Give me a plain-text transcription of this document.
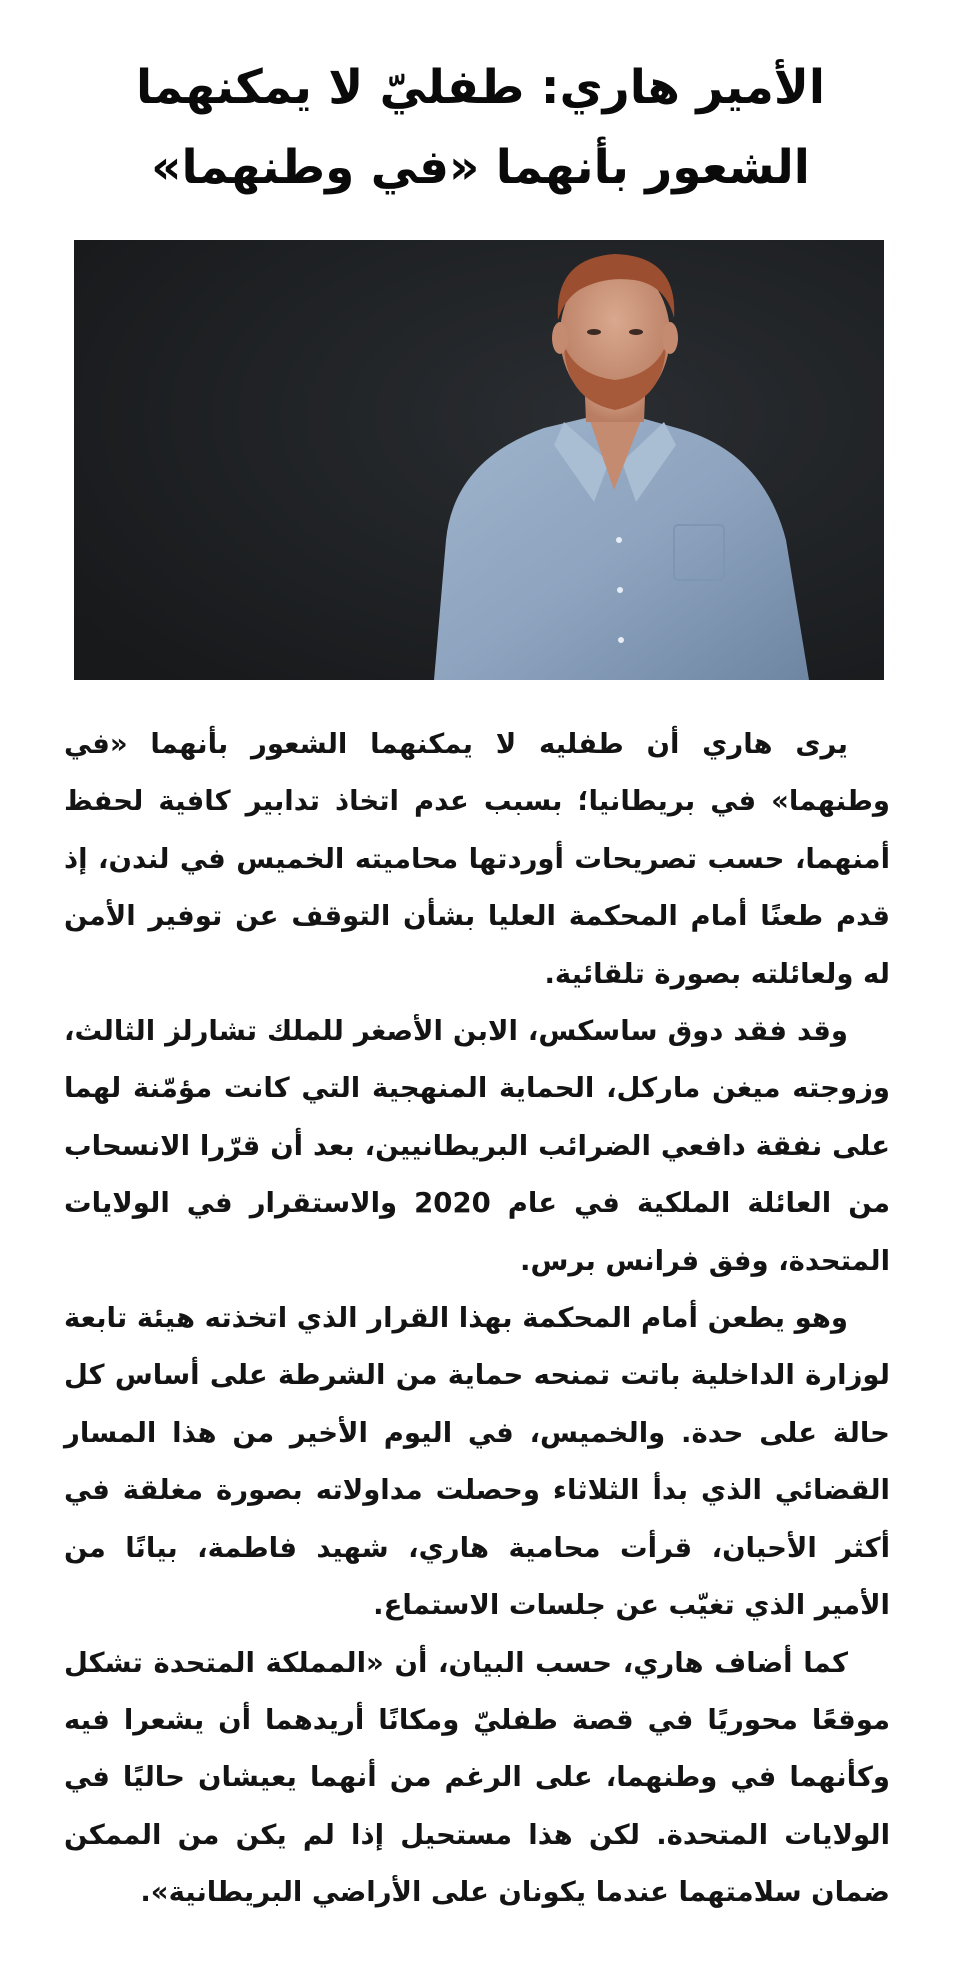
الأمير هاري: طفليّ لا يمكنهما
الشعور بأنهما «في وطنهما»

يرى هاري أن طفليه لا يمكنهما الشعور بأنهما «في وطنهما» في بريطانيا؛ بسبب عدم اتخاذ تدابير كافية لحفظ أمنهما، حسب تصريحات أوردتها محاميته الخميس في لندن، إذ قدم طعنًا أمام المحكمة العليا بشأن التوقف عن توفير الأمن له ولعائلته بصورة تلقائية.

وقد فقد دوق ساسكس، الابن الأصغر للملك تشارلز الثالث، وزوجته ميغن ماركل، الحماية المنهجية التي كانت مؤمّنة لهما على نفقة دافعي الضرائب البريطانيين، بعد أن قرّرا الانسحاب من العائلة الملكية في عام 2020 والاستقرار في الولايات المتحدة، وفق فرانس برس.

وهو يطعن أمام المحكمة بهذا القرار الذي اتخذته هيئة تابعة لوزارة الداخلية باتت تمنحه حماية من الشرطة على أساس كل حالة على حدة. والخميس، في اليوم الأخير من هذا المسار القضائي الذي بدأ الثلاثاء وحصلت مداولاته بصورة مغلقة في أكثر الأحيان، قرأت محامية هاري، شهيد فاطمة، بيانًا من الأمير الذي تغيّب عن جلسات الاستماع.

كما أضاف هاري، حسب البيان، أن «المملكة المتحدة تشكل موقعًا محوريًا في قصة طفليّ ومكانًا أريدهما أن يشعرا فيه وكأنهما في وطنهما، على الرغم من أنهما يعيشان حاليًا في الولايات المتحدة. لكن هذا مستحيل إذا لم يكن من الممكن ضمان سلامتهما عندما يكونان على الأراضي البريطانية».
